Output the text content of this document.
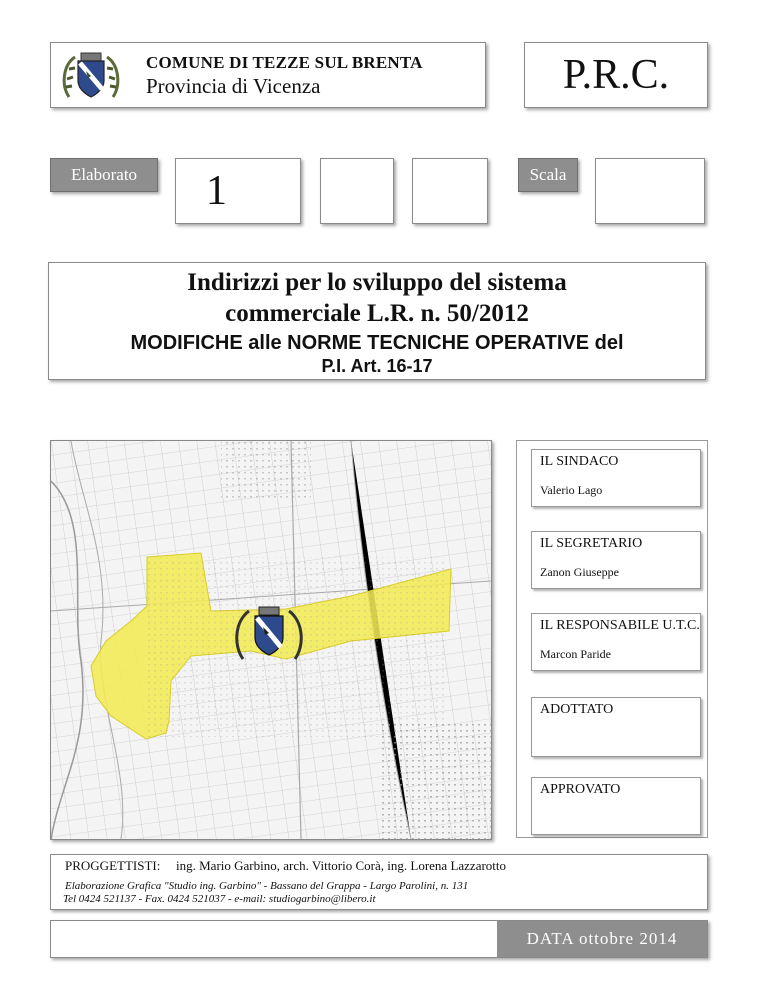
COMUNE DI TEZZE SUL BRENTA
Provincia di Vicenza	P.R.C.
Elaborato	1	Scala
Indirizzi per lo sviluppo del sistema
commerciale L.R. n. 50/2012
MODIFICHE alle NORME TECNICHE OPERATIVE del
P.I. Art. 16-17
IL SINDACO
Valerio Lago
IL SEGRETARIO
Zanon Giuseppe
IL RESPONSABILE U.T.C.
Marcon Paride
ADOTTATO
APPROVATO
PROGGETTISTI: ing. Mario Garbino, arch. Vittorio Corà, ing. Lorena Lazzarotto
Elaborazione Grafica "Studio ing. Garbino" - Bassano del Grappa - Largo Parolini, n. 131
Tel 0424 521137 - Fax. 0424 521037 - e-mail: studiogarbino@libero.it
DATA ottobre 2014
